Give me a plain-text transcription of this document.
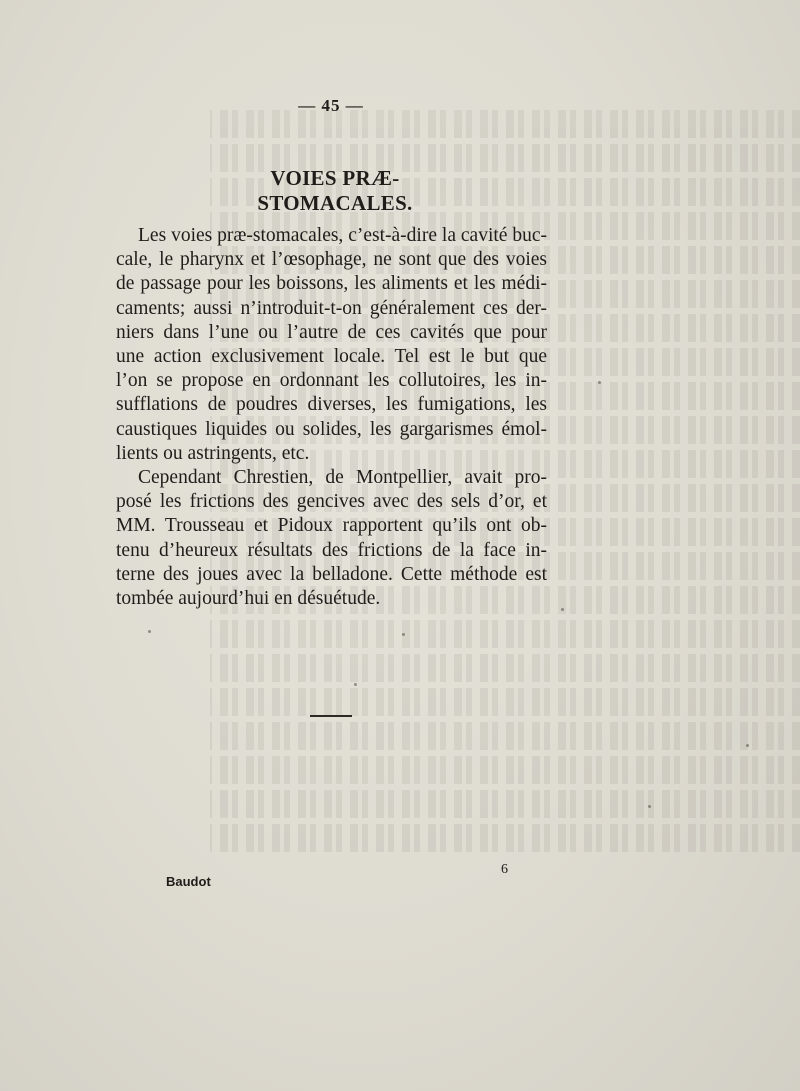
— 45 —
VOIES PRÆ-STOMACALES.
Les voies præ-stomacales, c’est-à-dire la cavité buc-
cale, le pharynx et l’œsophage, ne sont que des voies
de passage pour les boissons, les aliments et les médi-
caments; aussi n’introduit-t-on généralement ces der-
niers dans l’une ou l’autre de ces cavités que pour
une action exclusivement locale. Tel est le but que
l’on se propose en ordonnant les collutoires, les in-
sufflations de poudres diverses, les fumigations, les
caustiques liquides ou solides, les gargarismes émol-
lients ou astringents, etc.
Cependant Chrestien, de Montpellier, avait pro-
posé les frictions des gencives avec des sels d’or, et
MM. Trousseau et Pidoux rapportent qu’ils ont ob-
tenu d’heureux résultats des frictions de la face in-
terne des joues avec la belladone. Cette méthode est
tombée aujourd’hui en désuétude.
Baudot
6
